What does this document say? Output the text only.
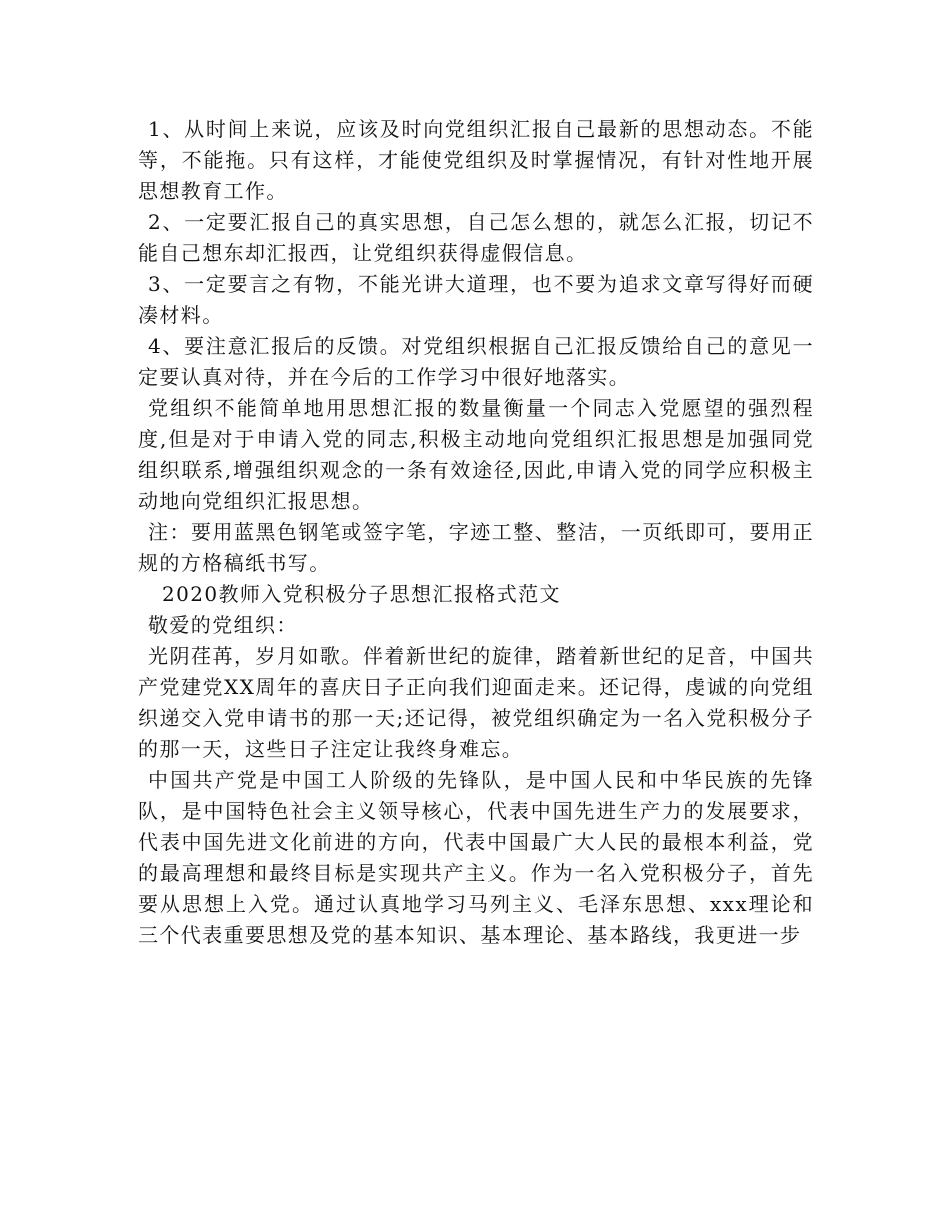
1、从时间上来说，应该及时向党组织汇报自己最新的思想动态。不能等，不能拖。只有这样，才能使党组织及时掌握情况，有针对性地开展思想教育工作。

2、一定要汇报自己的真实思想，自己怎么想的，就怎么汇报，切记不能自己想东却汇报西，让党组织获得虚假信息。

3、一定要言之有物，不能光讲大道理，也不要为追求文章写得好而硬凑材料。

4、要注意汇报后的反馈。对党组织根据自己汇报反馈给自己的意见一定要认真对待，并在今后的工作学习中很好地落实。

党组织不能简单地用思想汇报的数量衡量一个同志入党愿望的强烈程度,但是对于申请入党的同志,积极主动地向党组织汇报思想是加强同党组织联系,增强组织观念的一条有效途径,因此,申请入党的同学应积极主动地向党组织汇报思想。

注：要用蓝黑色钢笔或签字笔，字迹工整、整洁，一页纸即可，要用正规的方格稿纸书写。

2020教师入党积极分子思想汇报格式范文

敬爱的党组织：

光阴荏苒，岁月如歌。伴着新世纪的旋律，踏着新世纪的足音，中国共产党建党XX周年的喜庆日子正向我们迎面走来。还记得，虔诚的向党组织递交入党申请书的那一天;还记得，被党组织确定为一名入党积极分子的那一天，这些日子注定让我终身难忘。

中国共产党是中国工人阶级的先锋队，是中国人民和中华民族的先锋队，是中国特色社会主义领导核心，代表中国先进生产力的发展要求，代表中国先进文化前进的方向，代表中国最广大人民的最根本利益，党的最高理想和最终目标是实现共产主义。作为一名入党积极分子，首先要从思想上入党。通过认真地学习马列主义、毛泽东思想、xxx理论和三个代表重要思想及党的基本知识、基本理论、基本路线，我更进一步
